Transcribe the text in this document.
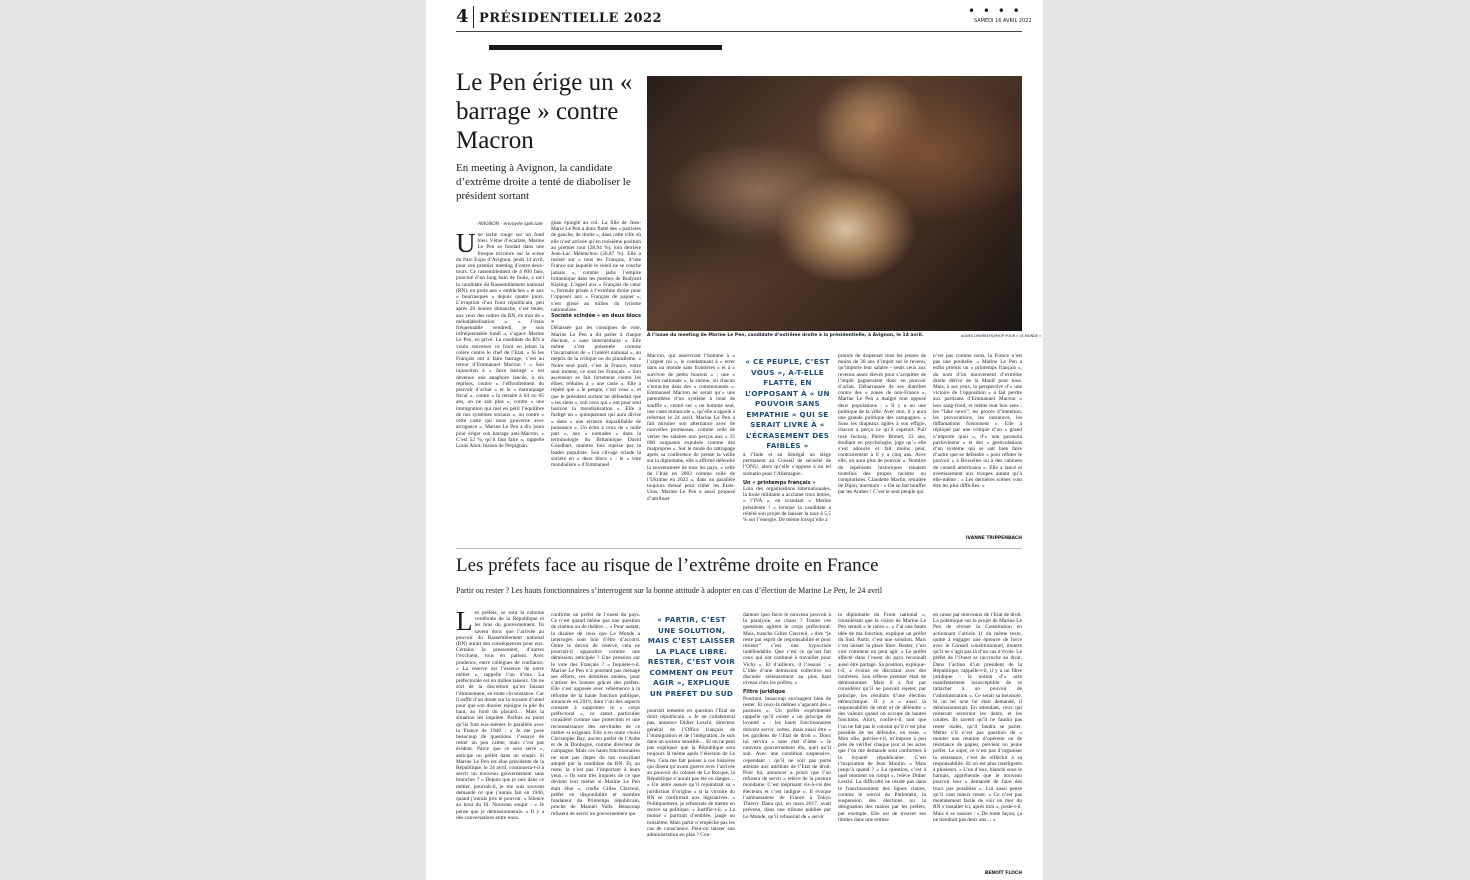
4 PRÉSIDENTIELLE 2022	• • • •
SAMEDI 16 AVRIL 2022
Le Pen érige un « barrage » contre Macron
En meeting à Avignon, la candidate d’extrême droite a tenté de diaboliser le président sortant
AVIGNON - envoyée spéciale
A l’issue du meeting de Marine Le Pen, candidate d’extrême droite à la présidentielle, à Avignon, le 14 avril.	AGNÈS DHERBEYS/MYOP POUR « LE MONDE »
U ne tache rouge sur un fond bleu. Vêtue d’écarlate, Marine Le Pen se fondait dans une fresque tricolore sur la scène du Parc Expo d’Avignon, jeudi 14 avril, pour son premier meeting d’entre-deux-tours. Ce rassemblement de 4 000 fans, ponctué d’un long bain de foule, a ravi la candidate du Rassemblement national (RN), en proie aux « embûches » et aux « bourrasques » depuis quatre jours. L’irruption d’un front républicain, peu après 20 heures dimanche, s’est muée, aux yeux des cadres du RN, en mur de « mélodiabolisation ». « J’étais fréquentable vendredi, je suis infréquentable lundi », s’agace Marine Le Pen, en privé. La candidate du RN a voulu renverser ce front en jetant la colère contre le chef de l’Etat. « Si les Français ont à faire barrage, c’est au retour d’Emmanuel Macron ! » Son injonction à « faire barrage » est devenue une anaphore lancée, à six reprises, contre « l’effondrement du pouvoir d’achat » et le « matraquage fiscal », contre « la retraite à 64 ou 65 ans, on ne sait plus », contre « une immigration qui met en péril l’équilibre de nos systèmes sociaux », ou contre « cette caste qui nous gouverne avec arrogance ». Marine Le Pen a dix jours pour ériger son barrage anti-Macron. « C’est 52 %, qu’il faut faire », rappelle Louis Aliot, biason de Perpignan.
gnan épinglé au col. La fille de Jean-Marie Le Pen a donc flatté des « patriotes de gauche, de droite », dans cette ville où elle n’est arrivée qu’en troisième position au premier tour (28,94 %), loin derrière Jean-Luc Mélenchon (36,87 %). Elle a insisté sur « tous les Français, d’une France sur laquelle le soleil ne se couche jamais », comme jadis l’empire britannique dans les poèmes de Rudyard Kipling. L’appel aux « Français de cœur », formule prisée à l’extrême droite pour l’opposer aux « Français de papier », s’est glissé au milieu du lyrisme nationaliste.
Société scindée « en deux blocs »
Délaissée par les consignes de vote, Marine Le Pen a dit parler à chaque électeur, « sans intermédiaire ». Elle même s’est présentée comme l’incarnation de « l’intérêt national », au mépris de la critique ou du pluralisme. « Notre seul parti, c’est la France, notre seul moteur, ce sont les Français. » Son ascension se fait fortement contre les élites, réduites à « une caste ». Elle a répété que « le peuple, c’est vous », et que le président sortant ne défendait que « les siens », soit ceux qui « ont pour seul horizon la mondialisation ». Elle a fustigé un « quinquennat qui aura divisé » dans « une errance inqualifiable de puissance ». Un écho à ceux de « nulle part », aux « nomades » dans la terminologie du Britannique David Goodhart, maintes fois reprise par la leader populiste. Son clivage scinde la société en « deux blocs » : le « vote mondialiste » d’Emmanuel
Macron, qui asservirait l’homme à « l’argent roi », le condamnant à « errer dans un monde sans frontières » et à « survivre de petits boulots » ; une « vision nationale », la sienne, où chacun s’enracine dans des « communautés ». Emmanuel Macron ne serait qu’« une parenthèse d’un système à bout de souffle », centré sur « un homme seul, une caste minuscule », qu’elle a appelé à refermer le 24 avril. Marine Le Pen a fait miroiter son alternance avec de nouvelles promesses, comme celle de verser les salaires non perçus aux « 15 000 soignants expulsés comme des malpropres ». Sur le mode du rattrapage après sa conférence de presse la veille sur la diplomatie, elle a affirmé défendre la souveraineté de tous les pays, « celle de l’Irak en 2003 comme celle de l’Ukraine en 2022 », dans un parallèle toujours dressé pour cibler les Etats-Unis. Marine Le Pen a aussi proposé d’attribuer
« CE PEUPLE, C’EST VOUS », A-T-ELLE FLATTÉ, EN L’OPPOSANT À « UN POUVOIR SANS EMPATHIE » QUI SE SERAIT LIVRÉ À « L’ÉCRASEMENT DES FAIBLES »
à l’Inde et au Sénégal un siège permanent au Conseil de sécurité de l’ONU, alors qu’elle s’oppose à un tel scénario pour l’Allemagne.
Un « printemps français »
Loin des organisations internationales, la foule militante a acclamé trois lettres, « l’IVA », en scandant « Marine présidente ! » lorsque la candidate a réitéré son projet de baisser la taxe à 5,5 % sur l’énergie. De même lorsqu’elle a
promis de dispenser tous les jeunes de moins de 30 ans d’impôt sur le revenu, qu’importe leur salaire – seuls ceux aux revenus assez élevés pour s’acquitter de l’impôt gagneraient donc en pouvoir d’achat. Débarrassée de ses diatribes contre des « zones de non-France », Marine Le Pen a malgré tout opposé deux populations : « Il y a ou une politique de la ville. Avec moi, il y aura une grande politique des campagnes. » Sous les drapeaux agités à son effigie, chacun a perçu ce qu’il espérait. Pull rose fuchsia, Pierre Brunet, 23 ans, étudiant en psychologie, juge qu’« elle s’est adoucie et fait moins peur, contrairement à il y a cinq ans. Avec elle, on aura plus de pouvoir ». Nombre de lepénistes historiques tenaient toutefois des propos racistes ou complotistes. Claudette Martin, retraitée de Dijon, murmure : « On se fait bouffer par les Arabes ! C’est le seul peuple qui
n’est pas comme nous, la France n’est pas une poubelle. » Marine Le Pen a enfin promis un « printemps français », du nom d’un mouvement d’extrême droite dérivé de la Manif pour tous. Mais, à ses yeux, la perspective d’« une victoire de l’opposition » a fait perdre aux partisans d’Emmanuel Macron « leur sang-froid, et même tout bon sens : les “fake news”, les procès d’intention, les provocations, les outrances, les diffamations foisonnent ». Elle a répliqué par une critique d’un « grand n’importe quoi », d’« une paranoïa pavlovienne » et des « gesticulations d’un système qui se sait bien faire d’autre que se défendre » pour réfuter le pouvoir « à Bruxelles ou à des cabinets de conseil américains ». Elle a lancé et avertissement aux troupes autant qu’à elle-même : « Les dernières scènes vont être les plus difficiles. »
IVANNE TRIPPENBACH
Les préfets face au risque de l’extrême droite en France
Partir ou rester ? Les hauts fonctionnaires s’interrogent sur la bonne attitude à adopter en cas d’élection de Marine Le Pen, le 24 avril
L es préfets, ce sont la colonne vertébrale de la République et les bras du gouvernement. Ils savent donc que l’arrivée au pouvoir du Rassemblement national (RN) aurait des conséquences pour eux. Certains la pressentent, d’autres l’excluent, tous en parlent. Avec prudence, entre collègues de confiance. « La réserve est l’essence de notre métier », rappelle l’un d’eux. La préfectorale est un milieu taiseux. On ne sort de la discrétion qu’en faisant l’étonnement, en toute circonstance. Car il suffit d’un doute sur la loyauté d’untel pour que son dossier rejoigne la pile du haut, au fond du placard… Mais la situation les inquiète. Parfois au point qu’ils font eux-mêmes le parallèle avec la France de 1940 : « Je me pose beaucoup de questions. J’essaye de rester un peu calme, mais c’est pas évident. Parce que ce sera serré », anticipe un préfet dans un soupir. Si Marine Le Pen est élue présidente de la République, le 24 avril, continuera-t-il à servir un nouveau gouvernement sans broncher ? « Depuis que je suis dans ce métier, pourrait-il, je me suis souvent demandé ce que j’aurais fait en 1940, quand j’aurais pris le pouvoir. » Silence au bout du fil. Nouveau soupir : « Je pense que je démissionnerais. » Il y a des conversations entre nous.
confirme un préfet de l’ouest du pays. Ce n’est quand même pas une question de cinéma ou de théâtre… » Pour autant, la dizaine de ceux que Le Monde a interrogés sont loin d’être d’accord. Outre le devoir de réserve, cela ne pourrait-il apparaître comme une démission anticipée ? Une pression sur le vote des Français ? « Inquiète-t-il. Marine Le Pen n’a pourtant pas ménagé ses efforts, ces dernières années, pour s’attirer les bonnes grâces des préfets. Elle s’est opposée avec véhémence à la réforme de la haute fonction publique, annoncée en 2019, dont l’un des aspects consiste à supprimer le « corps préfectoral », ce statut particulier considéré comme une protection et une reconnaissance des servitudes de ce métier si exigeant. Elle a en outre choisi Christophe Bay, ancien préfet de l’Aube et de la Dordogne, comme directeur de campagne. Mais ces hauts fonctionnaires ne sont pas dupes du ton conciliant adopté par la candidate du RN. Et, au reste, la n’est pas l’important à leurs yeux. « Ils sont très inquiets de ce que devient leur métier si Marine Le Pen était élue », confie Gilles Clavreul, préfet en disponibilité et membre fondateur du Printemps républicain, proche de Manuel Valls. Beaucoup refusent de servir un gouvernement qui
« PARTIR, C’EST UNE SOLUTION, MAIS C’EST LAISSER LA PLACE LIBRE. RESTER, C’EST VOIR COMMENT ON PEUT AGIR », EXPLIQUE UN PRÉFET DU SUD
pourrait remettre en question l’Etat de droit républicain. « Je ne collaborerai pas, annonce Didier Leschi, directeur général de l’Office français de l’immigration et de l’intégration. Je suis dans un secteur sensible… Et on ne peut pas expliquer que la République sera toujours là même après l’élection de Le Pen. Cela me fait penser à ces histoires qui disent qu’avant guerre avec l’arrivée au pouvoir du colonel de La Rocque, la République n’aurait pas été en danger… » Un autre assure qu’il rejoindrait sa « juridiction d’origine » si la victoire du RN se confirmait aux législatives. « Politiquement, je refuserais de mettre en œuvre sa politique. » Justifie-t-il. « La moitié » partirait d’emblée, jauge un troisième. Mais partir n’empêche pas les cas de conscience. Peut-on laisser son administration en plan ? Con-
damner ipso facto le nouveau pouvoir à la paralysie, au chaos ? Toutes ces questions agitent le corps préfectoral. Mais, tranche Gilles Clavreul, « dire “je reste par esprit de responsabilité et pour résister” c’est une hypocrisie indéfendable. Que c’est ce qu’ont fait ceux qui ont continué à travailler pour Vichy ». Et d’ailleurs, il l’assure : « L’idée d’une démission collective est discutée sérieusement au plus haut niveau chez les préfets. »
Filtre juridique
Pourtant, beaucoup envisagent bien de rester. Et ceux-là mêmes s’agacent des « postures ». Un préfet expérimenté rappelle qu’il existe « un principe de loyauté » : les hauts fonctionnaires doivent servir, certes, mais aussi être « les gardiens de l’Etat de droit ». Donc lui servira « sans état d’âme » le nouveau gouvernement élu, quel qu’il soit. Avec une condition suspensive, cependant : qu’il ne soit pas porté atteinte aux attributs de l’Etat de droit. Pour lui, annoncer a priori que l’on refusera de servir « relève de la posture mondaine. C’est méprisant vis-à-vis des électeurs et c’est indigne ». Il évoque l’ambassadeur de France à Tokyo Thierry Dana qui, en mars 2017, avait prévenu, dans une tribune publiée par Le Monde, qu’il refuserait de « servir
la diplomatie du Front national », considérant que la vision de Marine Le Pen sentait « le rance ». « J’ai une haute idée de ma fonction, explique un préfet du Sud. Partir, c’est une solution. Mais c’est laisser la place libre. Rester, c’est voir comment on peut agir. » Le préfet affecté dans l’ouest du pays reconnaît aussi être partagé. Sa position, explique-t-il, a évolué en discutant avec des confrères. Son réflexe premier était de démissionner. Mais il a fini par considérer qu’il ne pouvait rejeter, par principe, les résultats d’une élection démocratique. Il y a « aussi la responsabilité de tenir et de défendre » des valeurs quand on occupe de hautes fonctions. Alors, confie-t-il, tant que l’on ne fait pas le constat qu’il n’est plus possible de les défendre, on reste. « Mon rôle, précise-t-il, m’impose à peu près de vérifier chaque jour si les actes que l’on me demande sont conformes à la loyauté républicaine. C’est l’inspiration de Jean Moulin. » Mais jusqu’à quand ? « La question, c’est à quel moment on rompt », relève Didier Leschi. La difficulté ne réside pas dans le franchissement des lignes claires, comme le renvoi du Parlement, la suspension des élections ou la désignation des maires par les préfets, par exemple. Elle est de trouver ses limites dans une remise
en cause par morceaux de l’Etat de droit. La polémique sur le projet de Marine Le Pen de réviser la Constitution en actionnant l’article 11 du même texte, quitte à engager une épreuve de force avec le Conseil constitutionnel, montre qu’il ne s’agit pas là d’un cas d’école. Le préfet de l’Ouest se raccroche au droit. Dans l’action d’un président de la République, rappelle-t-il, il y a un filtre juridique : la notion d’« acte manifestement insusceptible de se rattacher à un pouvoir de l’administration ». Ce serait sa boussole. Si un tel acte lui était demandé, il démissionnerait. En attendant, ceux qui resteront serreront les dents, et les coudes. Ils savent qu’il ne faudra pas rester isolés, qu’il faudra se parler. Même s’il n’est pas question de « monter une réunion d’opérette ou de résistance de papier, prévient un jeune préfet. Le sujet, ce n’est pas d’organiser la résistance, c’est de réfléchir à sa responsabilité. Et on est plus intelligents à plusieurs. » L’un d’eux, blanchi sous le harnais, appréhende que le nouveau pouvoir leur « demande de faire des trucs pas possibles ». Lui aussi pense qu’il vaut mieux rester. « Ce n’est pas mentalement facile de voir un mec du RN s’installer ici, après moi », poste-t-il. Mais il se rassure : « De toute façon, ça ne tiendrait pas deux ans… »
BENOÎT FLOCH
